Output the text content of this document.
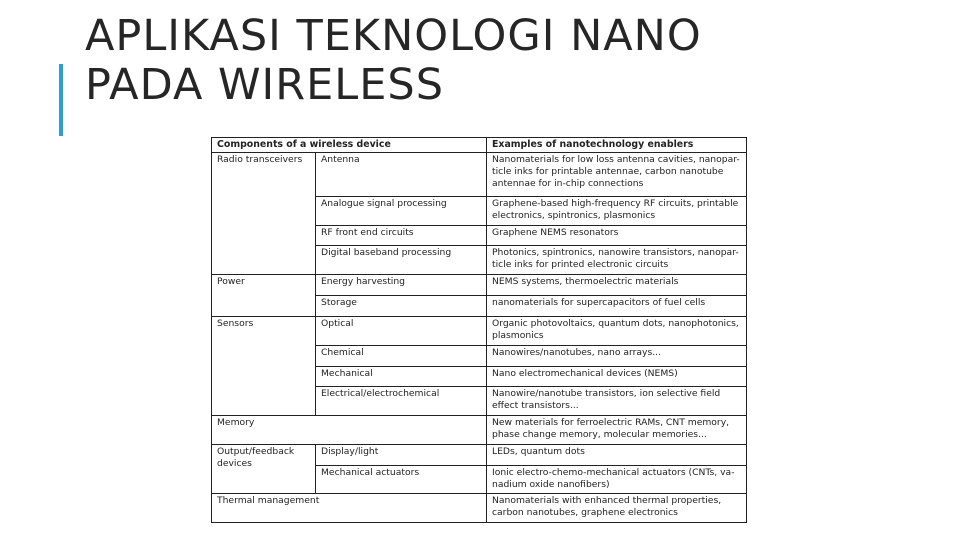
APLIKASI TEKNOLOGI NANO
PADA WIRELESS
Components of a wireless device		Examples of nanotechnology enablers
Radio transceivers	Antenna	Nanomaterials for low loss antenna cavities, nanopar-ticle inks for printable antennae, carbon nanotube antennae for in-chip connections
	Analogue signal processing	Graphene-based high-frequency RF circuits, printable electronics, spintronics, plasmonics
	RF front end circuits	Graphene NEMS resonators
	Digital baseband processing	Photonics, spintronics, nanowire transistors, nanopar-ticle inks for printed electronic circuits
Power	Energy harvesting	NEMS systems, thermoelectric materials
	Storage	nanomaterials for supercapacitors of fuel cells
Sensors	Optical	Organic photovoltaics, quantum dots, nanophotonics, plasmonics
	Chemical	Nanowires/nanotubes, nano arrays...
	Mechanical	Nano electromechanical devices (NEMS)
	Electrical/electrochemical	Nanowire/nanotube transistors, ion selective field effect transistors...
Memory		New materials for ferroelectric RAMs, CNT memory, phase change memory, molecular memories...
Output/feedback devices	Display/light	LEDs, quantum dots
	Mechanical actuators	Ionic electro-chemo-mechanical actuators (CNTs, va-nadium oxide nanofibers)
Thermal management		Nanomaterials with enhanced thermal properties, carbon nanotubes, graphene electronics
